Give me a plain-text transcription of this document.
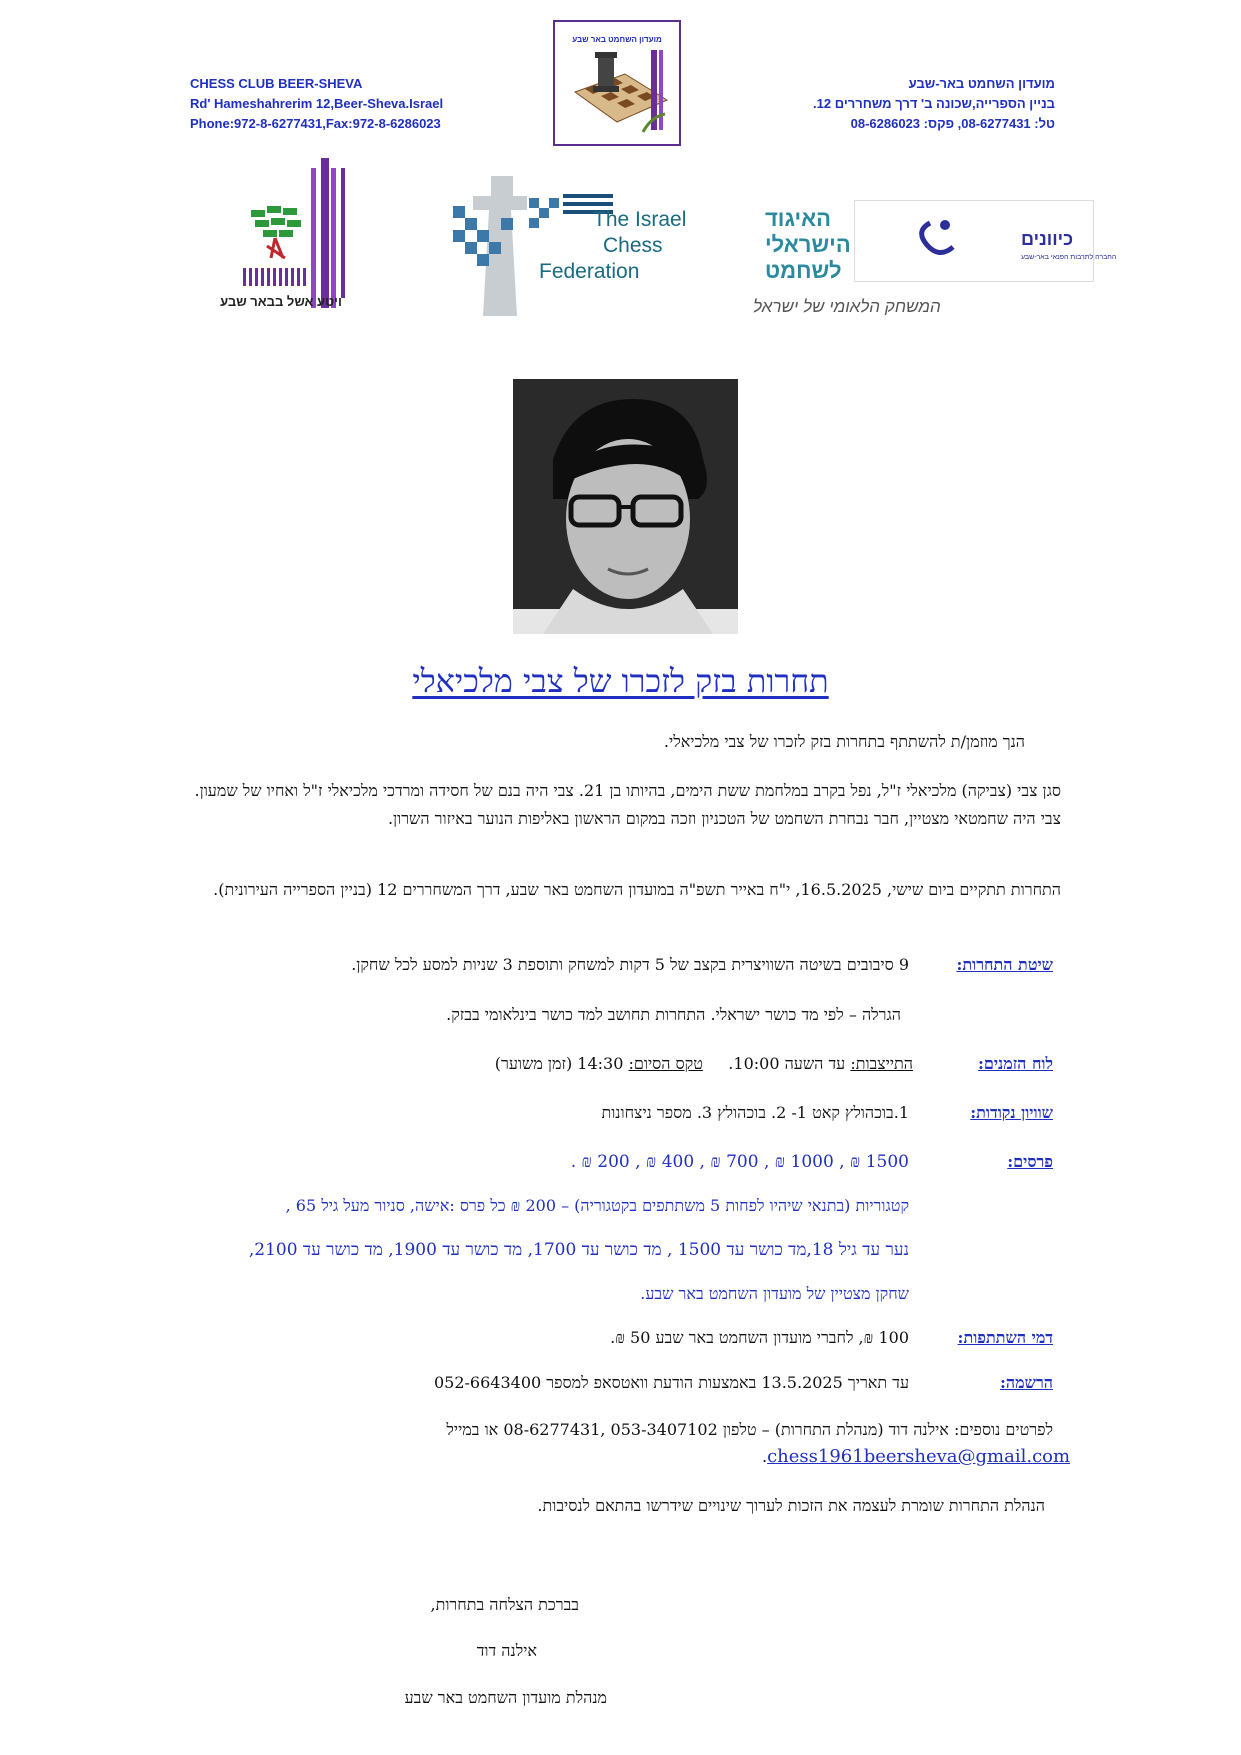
CHESS CLUB BEER-SHEVA
Rd' Hameshahrerim 12,Beer-Sheva.Israel
Phone:972-8-6277431,Fax:972-8-6286023
מועדון השחמט באר שבע
מועדון השחמט באר-שבע
בניין הספרייה,שכונה ב' דרך משחררים 12.
טל: 08-6277431, פקס: 08-6286023
ויטע אשל בבאר שבע
The Israel
Chess
Federation
האיגוד
הישראלי
לשחמט
המשחק הלאומי של ישראל
כיוונים
החברה לתרבות הפנאי באר-שבע
תחרות בזק לזכרו של צבי מלכיאלי
הנך מוזמן/ת להשתתף בתחרות בזק לזכרו של צבי מלכיאלי.
סגן צבי (צביקה) מלכיאלי ז"ל, נפל בקרב במלחמת ששת הימים, בהיותו בן 21. צבי היה בנם של חסידה ומרדכי מלכיאלי ז"ל ואחיו של שמעון. צבי היה שחמטאי מצטיין, חבר נבחרת השחמט של הטכניון וזכה במקום הראשון באליפות הנוער באיזור השרון.
התחרות תתקיים ביום שישי, 16.5.2025, י"ח באייר תשפ"ה במועדון השחמט באר שבע, דרך המשחררים 12 (בניין הספרייה העירונית).
שיטת התחרות:
9 סיבובים בשיטה השוויצרית בקצב של 5 דקות למשחק ותוספת 3 שניות למסע לכל שחקן.
הגרלה – לפי מד כושר ישראלי. התחרות תחושב למד כושר בינלאומי בבזק.
לוח הזמנים:
התייצבות: עד השעה 10:00.     טקס הסיום: 14:30 (זמן משוער)
שוויון נקודות:
1.בוכהולץ קאט 1- 2. בוכהולץ 3. מספר ניצחונות
פרסים:
1500 ₪ , 1000 ₪ , 700 ₪ , 400 ₪ , 200 ₪ .
קטגוריות (בתנאי שיהיו לפחות 5 משתתפים בקטגוריה) – 200 ₪ כל פרס :אישה, סניור מעל גיל 65 ,
נער עד גיל 18,מד כושר עד 1500 , מד כושר עד 1700, מד כושר עד 1900, מד כושר עד 2100,
שחקן מצטיין של מועדון השחמט באר שבע.
דמי השתתפות:
100 ₪, לחברי מועדון השחמט באר שבע 50 ₪.
הרשמה:
עד תאריך 13.5.2025 באמצעות הודעת וואטסאפ למספר 052-6643400
לפרטים נוספים: אילנה דוד (מנהלת התחרות) – טלפון 053-3407102 ,08-6277431 או במייל
.chess1961beersheva@gmail.com
הנהלת התחרות שומרת לעצמה את הזכות לערוך שינויים שידרשו בהתאם לנסיבות.
בברכת הצלחה בתחרות,
אילנה דוד
מנהלת מועדון השחמט באר שבע
